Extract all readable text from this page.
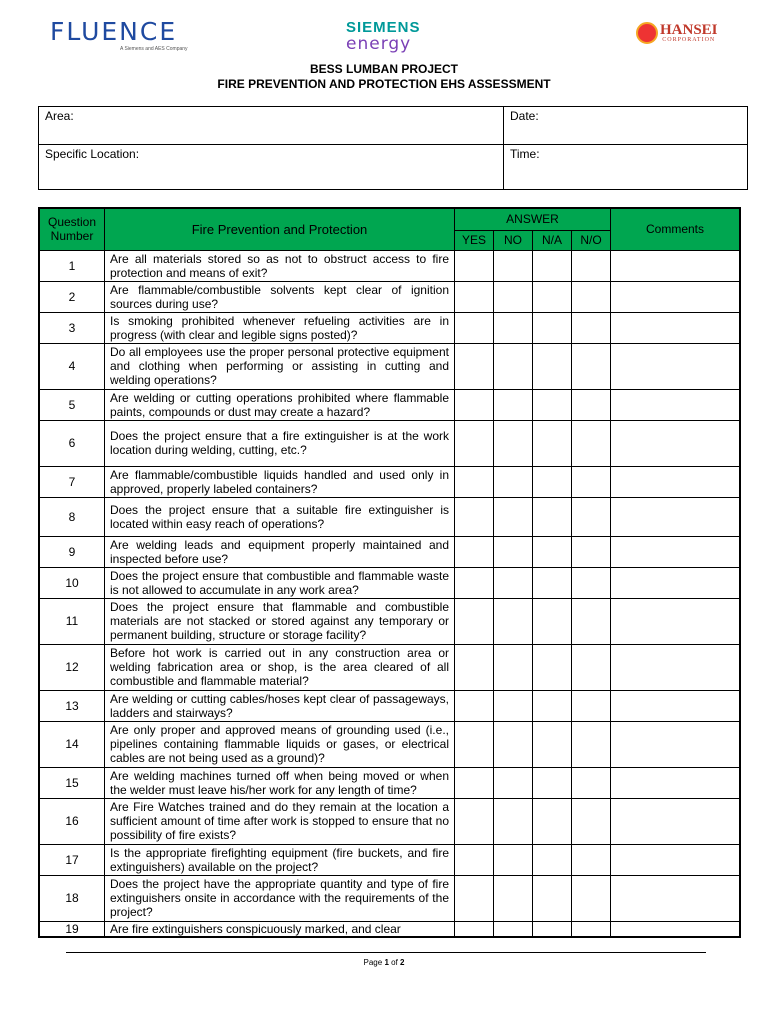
FLUENCE
A Siemens and AES Company
SIEMENS
energy
HANSEI
CORPORATION
BESS LUMBAN PROJECT
FIRE PREVENTION AND PROTECTION EHS ASSESSMENT
Area:	Date:
Specific Location:	Time:
Question Number	Fire Prevention and Protection	ANSWER				Comments
		YES	NO	N/A	N/O	
1	Are all materials stored so as not to obstruct access to fire protection and means of exit?					
2	Are flammable/combustible solvents kept clear of ignition sources during use?					
3	Is smoking prohibited whenever refueling activities are in progress (with clear and legible signs posted)?					
4	Do all employees use the proper personal protective equipment and clothing when performing or assisting in cutting and welding operations?					
5	Are welding or cutting operations prohibited where flammable paints, compounds or dust may create a hazard?					
6	Does the project ensure that a fire extinguisher is at the work location during welding, cutting, etc.?					
7	Are flammable/combustible liquids handled and used only in approved, properly labeled containers?					
8	Does the project ensure that a suitable fire extinguisher is located within easy reach of operations?					
9	Are welding leads and equipment properly maintained and inspected before use?					
10	Does the project ensure that combustible and flammable waste is not allowed to accumulate in any work area?					
11	Does the project ensure that flammable and combustible materials are not stacked or stored against any temporary or permanent building, structure or storage facility?					
12	Before hot work is carried out in any construction area or welding fabrication area or shop, is the area cleared of all combustible and flammable material?					
13	Are welding or cutting cables/hoses kept clear of passageways, ladders and stairways?					
14	Are only proper and approved means of grounding used (i.e., pipelines containing flammable liquids or gases, or electrical cables are not being used as a ground)?					
15	Are welding machines turned off when being moved or when the welder must leave his/her work for any length of time?					
16	Are Fire Watches trained and do they remain at the location a sufficient amount of time after work is stopped to ensure that no possibility of fire exists?					
17	Is the appropriate firefighting equipment (fire buckets, and fire extinguishers) available on the project?					
18	Does the project have the appropriate quantity and type of fire extinguishers onsite in accordance with the requirements of the project?					
19	Are fire extinguishers conspicuously marked, and clear					
Page 1 of 2
